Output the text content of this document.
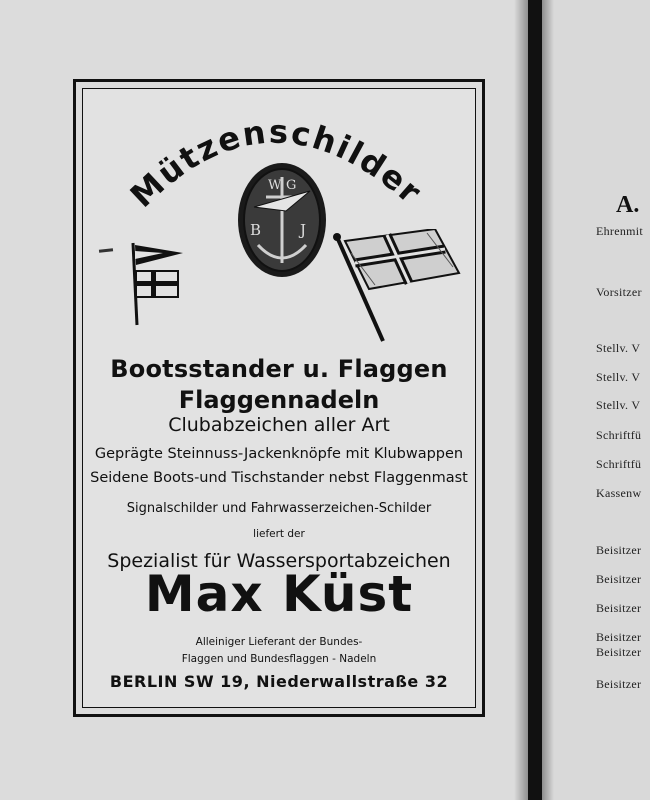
Mützenschilder
W G
B	J
Bootsstander u. Flaggen
Flaggennadeln
Clubabzeichen aller Art
Geprägte Steinnuss-Jackenknöpfe mit Klubwappen
Seidene Boots-und Tischstander nebst Flaggenmast
Signalschilder und Fahrwasserzeichen-Schilder
liefert der
Spezialist für Wassersportabzeichen
Max Küst
Alleiniger Lieferant der Bundes-
Flaggen und Bundesflaggen - Nadeln
BERLIN SW 19, Niederwallstraße 32
A.
Ehrenmit
Vorsitzer
Stellv. V
Stellv. V
Stellv. V
Schriftfü
Schriftfü
Kassenw
Beisitzer
Beisitzer
Beisitzer
Beisitzer
Beisitzer
Beisitzer
